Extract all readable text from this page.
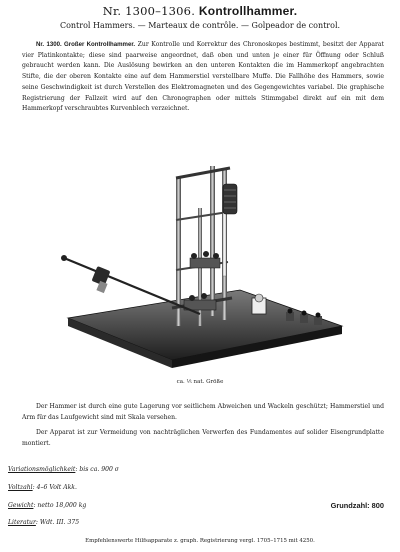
Nr. 1300–1306. Kontrollhammer.
Control Hammers. — Marteaux de contrôle. — Golpeador de control.
Nr. 1300. Großer Kontrollhammer. Zur Kontrolle und Korrektur des Chronoskopes bestimmt, besitzt der Apparat vier Platinkontakte; diese sind paarweise angeordnet, daß oben und unten je einer für Öffnung oder Schluß gebraucht werden kann. Die Auslösung bewirken an den unteren Kontakten die im Hammerkopf angebrachten Stifte, die der oberen Kontakte eine auf dem Hammerstiel verstellbare Muffe. Die Fallhöhe des Hammers, sowie seine Geschwindigkeit ist durch Verstellen des Elektromagneten und des Gegengewichtes variabel. Die graphische Registrierung der Fallzeit wird auf den Chronographen oder mittels Stimmgabel direkt auf ein mit dem Hammerkopf verschraubtes Kurvenblech verzeichnet.
ca. ⅕ nat. Größe
Der Hammer ist durch eine gute Lagerung vor seitlichem Abweichen und Wackeln geschützt; Hammerstiel und Arm für das Laufgewicht sind mit Skala versehen.
Der Apparat ist zur Vermeidung von nachträglichen Verwerfen des Fundamentes auf solider Eisengrundplatte montiert.
Variationsmöglichkeit: bis ca. 900 σ
Voltzahl: 4–6 Volt Akk.
Gewicht: netto 18,000 kg
Literatur: Wdt. III. 375
Grundzahl: 800
Empfehlenswerte Hilfsapparate z. graph. Registrierung vergl. 1705–1715 mit 4250.
